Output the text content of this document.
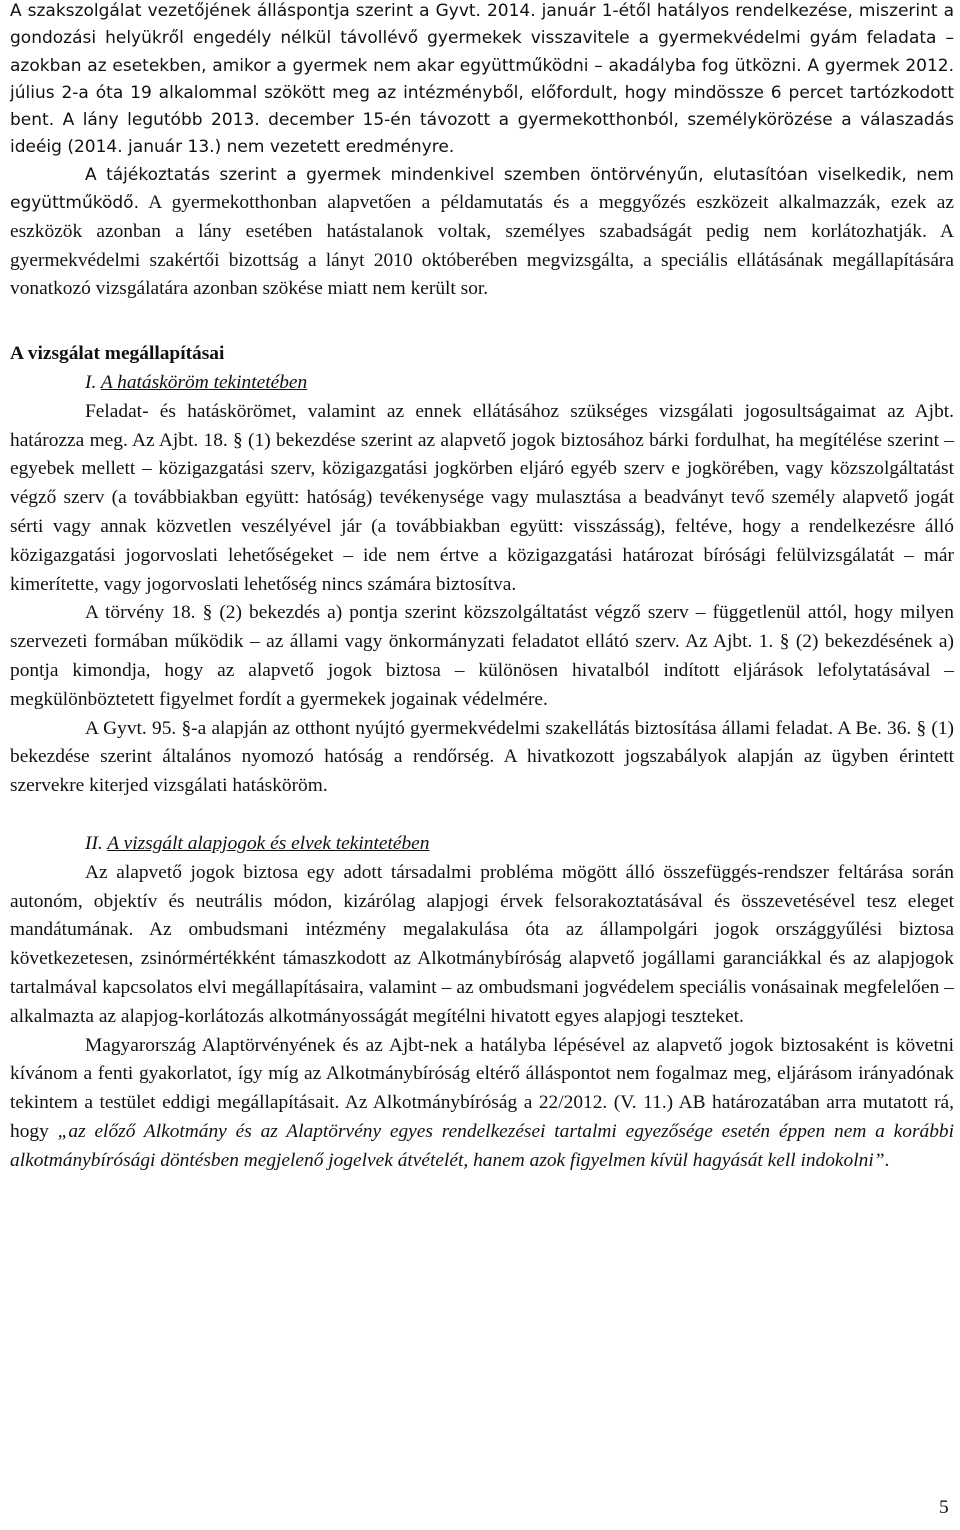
A szakszolgálat vezetőjének álláspontja szerint a Gyvt. 2014. január 1-étől hatályos rendelkezése, miszerint a gondozási helyükről engedély nélkül távollévő gyermekek visszavitele a gyermekvédelmi gyám feladata – azokban az esetekben, amikor a gyermek nem akar együttműködni – akadályba fog ütközni. A gyermek 2012. július 2-a óta 19 alkalommal szökött meg az intézményből, előfordult, hogy mindössze 6 percet tartózkodott bent. A lány legutóbb 2013. december 15-én távozott a gyermekotthonból, személykörözése a válaszadás ideéig (2014. január 13.) nem vezetett eredményre.

A tájékoztatás szerint a gyermek mindenkivel szemben öntörvényűn, elutasítóan viselkedik, nem együttműködő. A gyermekotthonban alapvetően a példamutatás és a meggyőzés eszközeit alkalmazzák, ezek az eszközök azonban a lány esetében hatástalanok voltak, személyes szabadságát pedig nem korlátozhatják. A gyermekvédelmi szakértői bizottság a lányt 2010 októberében megvizsgálta, a speciális ellátásának megállapítására vonatkozó vizsgálatára azonban szökése miatt nem került sor.

A vizsgálat megállapításai

I. A hatásköröm tekintetében

Feladat- és hatáskörömet, valamint az ennek ellátásához szükséges vizsgálati jogosultságaimat az Ajbt. határozza meg. Az Ajbt. 18. § (1) bekezdése szerint az alapvető jogok biztosához bárki fordulhat, ha megítélése szerint – egyebek mellett – közigazgatási szerv, közigazgatási jogkörben eljáró egyéb szerv e jogkörében, vagy közszolgáltatást végző szerv (a továbbiakban együtt: hatóság) tevékenysége vagy mulasztása a beadványt tevő személy alapvető jogát sérti vagy annak közvetlen veszélyével jár (a továbbiakban együtt: visszásság), feltéve, hogy a rendelkezésre álló közigazgatási jogorvoslati lehetőségeket – ide nem értve a közigazgatási határozat bírósági felülvizsgálatát – már kimerítette, vagy jogorvoslati lehetőség nincs számára biztosítva.

A törvény 18. § (2) bekezdés a) pontja szerint közszolgáltatást végző szerv – függetlenül attól, hogy milyen szervezeti formában működik – az állami vagy önkormányzati feladatot ellátó szerv. Az Ajbt. 1. § (2) bekezdésének a) pontja kimondja, hogy az alapvető jogok biztosa – különösen hivatalból indított eljárások lefolytatásával – megkülönböztetett figyelmet fordít a gyermekek jogainak védelmére.

A Gyvt. 95. §-a alapján az otthont nyújtó gyermekvédelmi szakellátás biztosítása állami feladat. A Be. 36. § (1) bekezdése szerint általános nyomozó hatóság a rendőrség. A hivatkozott jogszabályok alapján az ügyben érintett szervekre kiterjed vizsgálati hatásköröm.

II. A vizsgált alapjogok és elvek tekintetében

Az alapvető jogok biztosa egy adott társadalmi probléma mögött álló összefüggés-rendszer feltárása során autonóm, objektív és neutrális módon, kizárólag alapjogi érvek felsorakoztatásával és összevetésével tesz eleget mandátumának. Az ombudsmani intézmény megalakulása óta az állampolgári jogok országgyűlési biztosa következetesen, zsinórmértékként támaszkodott az Alkotmánybíróság alapvető jogállami garanciákkal és az alapjogok tartalmával kapcsolatos elvi megállapításaira, valamint – az ombudsmani jogvédelem speciális vonásainak megfelelően – alkalmazta az alapjog-korlátozás alkotmányosságát megítélni hivatott egyes alapjogi teszteket.

Magyarország Alaptörvényének és az Ajbt-nek a hatályba lépésével az alapvető jogok biztosaként is követni kívánom a fenti gyakorlatot, így míg az Alkotmánybíróság eltérő álláspontot nem fogalmaz meg, eljárásom irányadónak tekintem a testület eddigi megállapításait. Az Alkotmánybíróság a 22/2012. (V. 11.) AB határozatában arra mutatott rá, hogy „az előző Alkotmány és az Alaptörvény egyes rendelkezései tartalmi egyezősége esetén éppen nem a korábbi alkotmánybírósági döntésben megjelenő jogelvek átvételét, hanem azok figyelmen kívül hagyását kell indokolni”.

5
